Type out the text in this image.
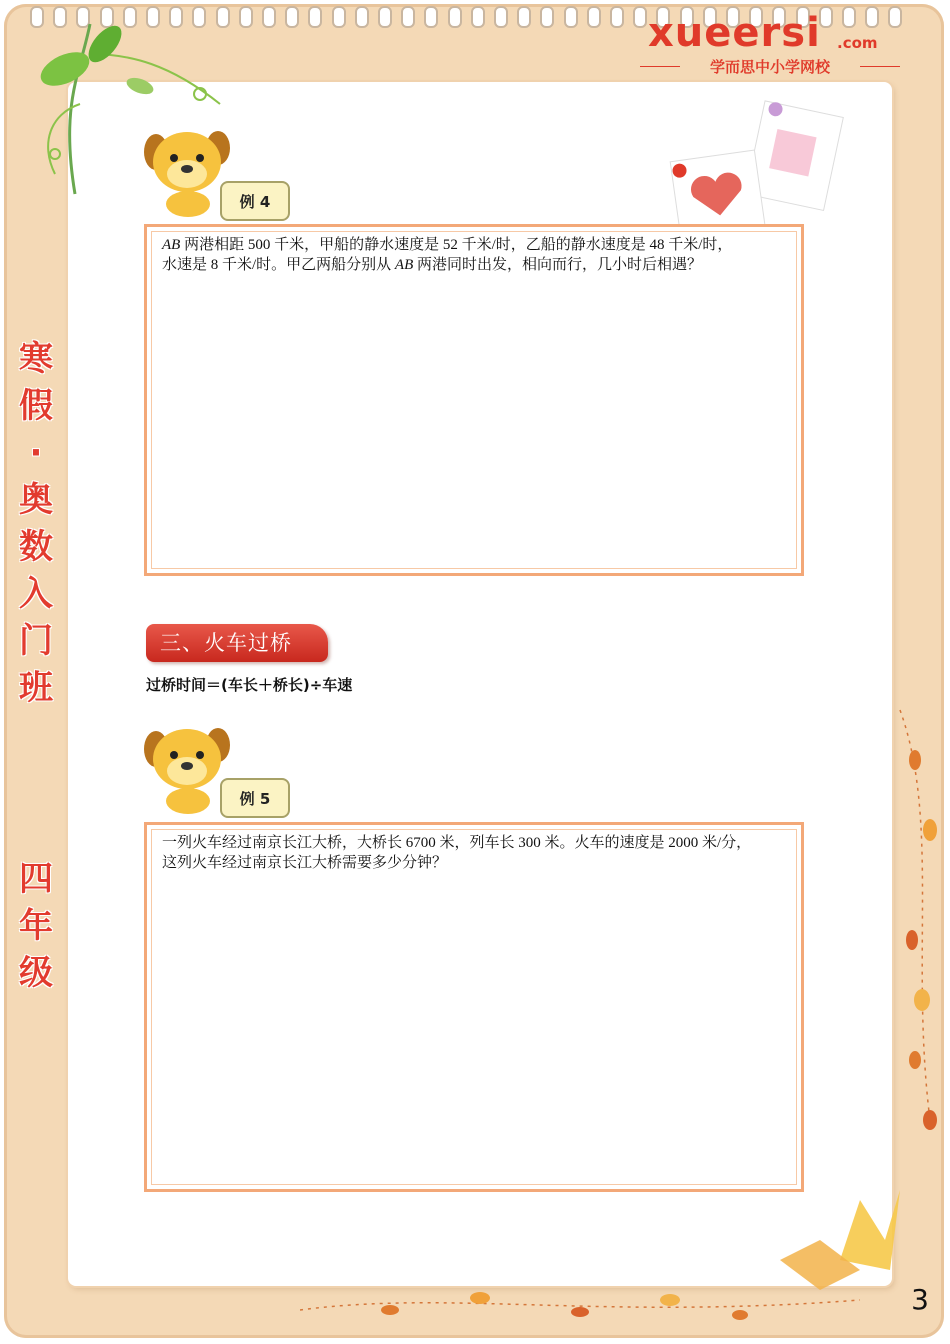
xueersi .com
学而思中小学网校
例 4
AB 两港相距 500 千米，甲船的静水速度是 52 千米/时，乙船的静水速度是 48 千米/时，
水速是 8 千米/时。甲乙两船分别从 AB 两港同时出发，相向而行，几小时后相遇？
三、火车过桥
过桥时间＝(车长＋桥长)÷车速
例 5
一列火车经过南京长江大桥，大桥长 6700 米，列车长 300 米。火车的速度是 2000 米/分，
这列火车经过南京长江大桥需要多少分钟？
寒
假
·
奥
数
入
门
班
四
年
级
3
